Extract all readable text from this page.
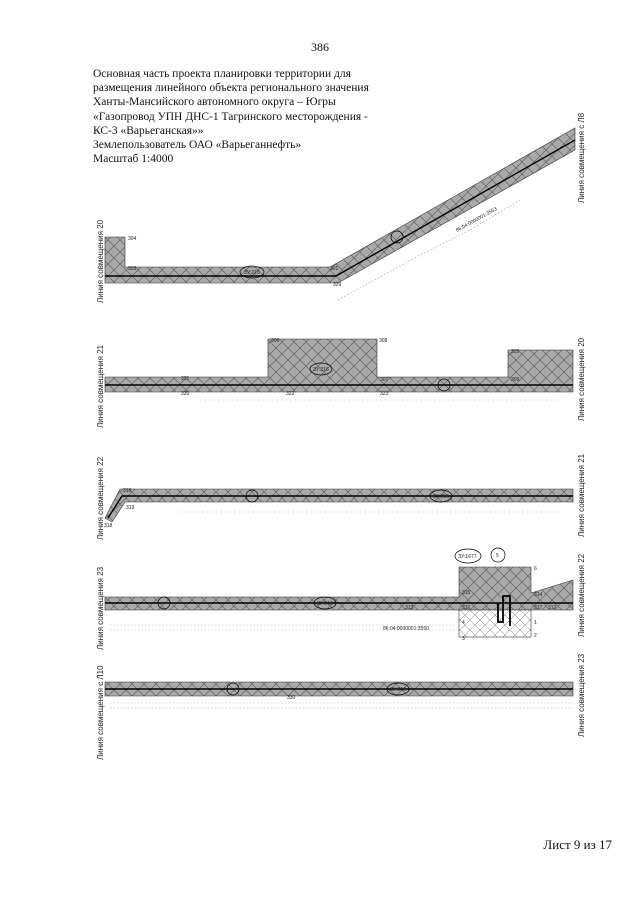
386
Основная часть проекта планировки территории для
размещения линейного объекта регионального значения
Ханты-Мансийского автономного округа – Югры
«Газопровод УПН ДНС-1 Тагринского месторождения -
КС-3 «Варьеганская»»
Землепользователь ОАО «Варьеганнефть»
Масштаб 1:4000
ЗУ:216
304
303	301
329
86:04:0000001:3553
ЗУ:216
306	308
307
305
321
320	322	323
309
ЗУ:216
310
319
318
ЗУ:216
ЗУ:1677	5
315
316
314
317 312
313
6
1
2
3
4
86:04:0000001:3550
ЗУ:216
330
Линия совмещения 20
Линия совмещения с Л8
Линия совмещения 21	Линия совмещения 20
Линия совмещения 22	Линия совмещения 21
Линия совмещения 23	Линия совмещения 22
Линия совмещения с Л10	Линия совмещения 23
Лист 9 из 17
